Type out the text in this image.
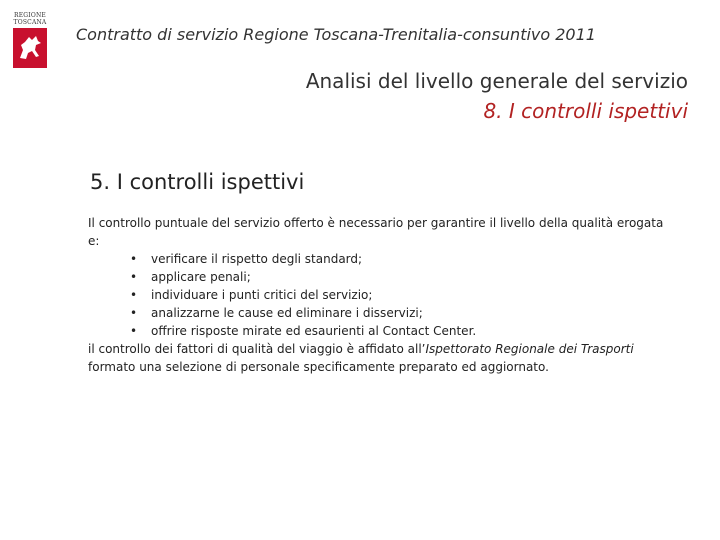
REGIONE
TOSCANA
Contratto di servizio Regione Toscana-Trenitalia-consuntivo 2011
Analisi del livello generale del servizio
8. I controlli ispettivi
5. I controlli ispettivi
Il controllo puntuale del servizio offerto è necessario per garantire il livello della qualità erogata e:
• verificare il rispetto degli standard;
• applicare penali;
• individuare i punti critici del servizio;
• analizzarne le cause ed eliminare i disservizi;
• offrire risposte mirate ed esaurienti al Contact Center.
il controllo dei fattori di qualità del viaggio è affidato all’Ispettorato Regionale dei Trasporti formato una selezione di personale specificamente preparato ed aggiornato.
